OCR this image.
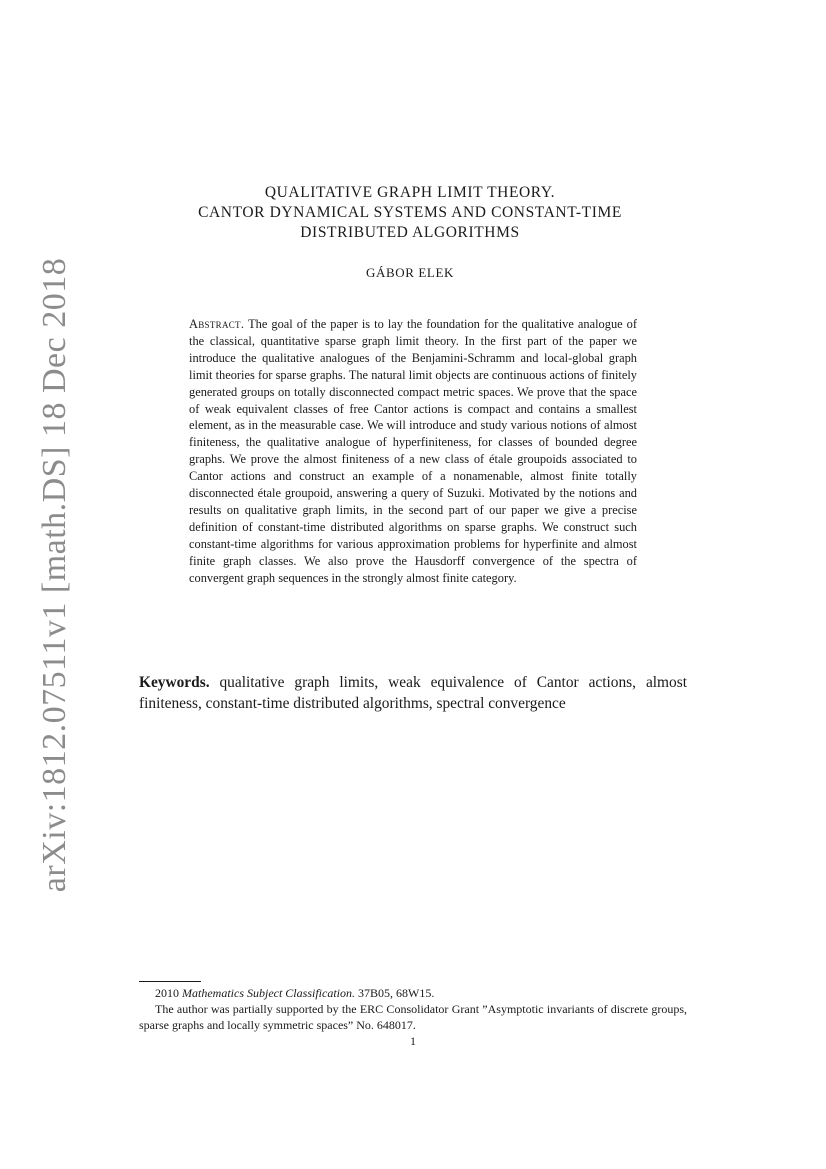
arXiv:1812.07511v1 [math.DS] 18 Dec 2018
QUALITATIVE GRAPH LIMIT THEORY.
CANTOR DYNAMICAL SYSTEMS AND CONSTANT-TIME
DISTRIBUTED ALGORITHMS
GÁBOR ELEK
Abstract. The goal of the paper is to lay the foundation for the qualitative analogue of the classical, quantitative sparse graph limit theory. In the first part of the paper we introduce the qualitative analogues of the Benjamini-Schramm and local-global graph limit theories for sparse graphs. The natural limit objects are continuous actions of finitely generated groups on totally disconnected compact metric spaces. We prove that the space of weak equivalent classes of free Cantor actions is compact and contains a smallest element, as in the measurable case. We will introduce and study various notions of almost finiteness, the qualitative analogue of hyperfiniteness, for classes of bounded degree graphs. We prove the almost finiteness of a new class of étale groupoids associated to Cantor actions and construct an example of a nonamenable, almost finite totally disconnected étale groupoid, answering a query of Suzuki. Motivated by the notions and results on qualitative graph limits, in the second part of our paper we give a precise definition of constant-time distributed algorithms on sparse graphs. We construct such constant-time algorithms for various approximation problems for hyperfinite and almost finite graph classes. We also prove the Hausdorff convergence of the spectra of convergent graph sequences in the strongly almost finite category.
Keywords. qualitative graph limits, weak equivalence of Cantor actions, almost finiteness, constant-time distributed algorithms, spectral convergence
2010 Mathematics Subject Classification. 37B05, 68W15.
The author was partially supported by the ERC Consolidator Grant ”Asymptotic invariants of discrete groups, sparse graphs and locally symmetric spaces” No. 648017.
1
